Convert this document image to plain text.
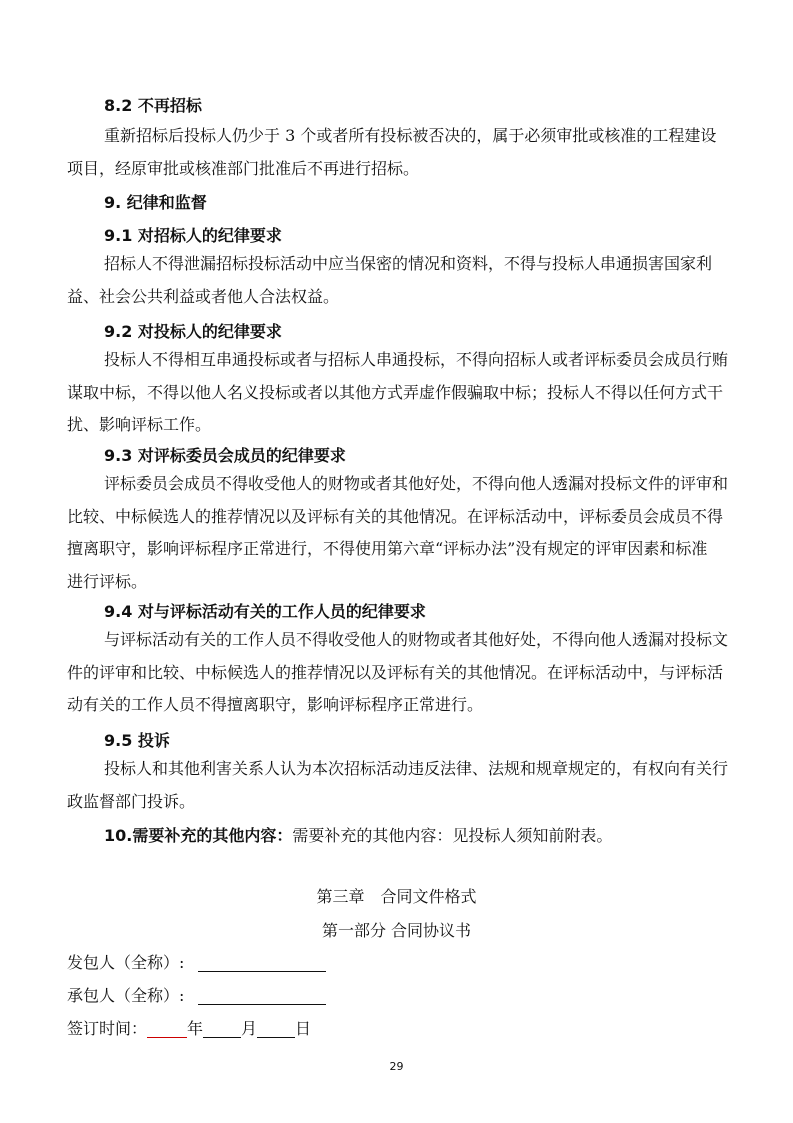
8.2 不再招标
重新招标后投标人仍少于 3 个或者所有投标被否决的，属于必须审批或核准的工程建设
项目，经原审批或核准部门批准后不再进行招标。
9. 纪律和监督
9.1 对招标人的纪律要求
招标人不得泄漏招标投标活动中应当保密的情况和资料，不得与投标人串通损害国家利
益、社会公共利益或者他人合法权益。
9.2 对投标人的纪律要求
投标人不得相互串通投标或者与招标人串通投标，不得向招标人或者评标委员会成员行贿
谋取中标，不得以他人名义投标或者以其他方式弄虚作假骗取中标；投标人不得以任何方式干
扰、影响评标工作。
9.3 对评标委员会成员的纪律要求
评标委员会成员不得收受他人的财物或者其他好处，不得向他人透漏对投标文件的评审和
比较、中标候选人的推荐情况以及评标有关的其他情况。在评标活动中，评标委员会成员不得
擅离职守，影响评标程序正常进行，不得使用第六章“评标办法”没有规定的评审因素和标准
进行评标。
9.4 对与评标活动有关的工作人员的纪律要求
与评标活动有关的工作人员不得收受他人的财物或者其他好处，不得向他人透漏对投标文
件的评审和比较、中标候选人的推荐情况以及评标有关的其他情况。在评标活动中，与评标活
动有关的工作人员不得擅离职守，影响评标程序正常进行。
9.5 投诉
投标人和其他利害关系人认为本次招标活动违反法律、法规和规章规定的，有权向有关行
政监督部门投诉。
10.需要补充的其他内容：需要补充的其他内容：见投标人须知前附表。
第三章　合同文件格式
第一部分 合同协议书
发包人（全称）:
承包人（全称）:
签订时间：	年 月 日
29
